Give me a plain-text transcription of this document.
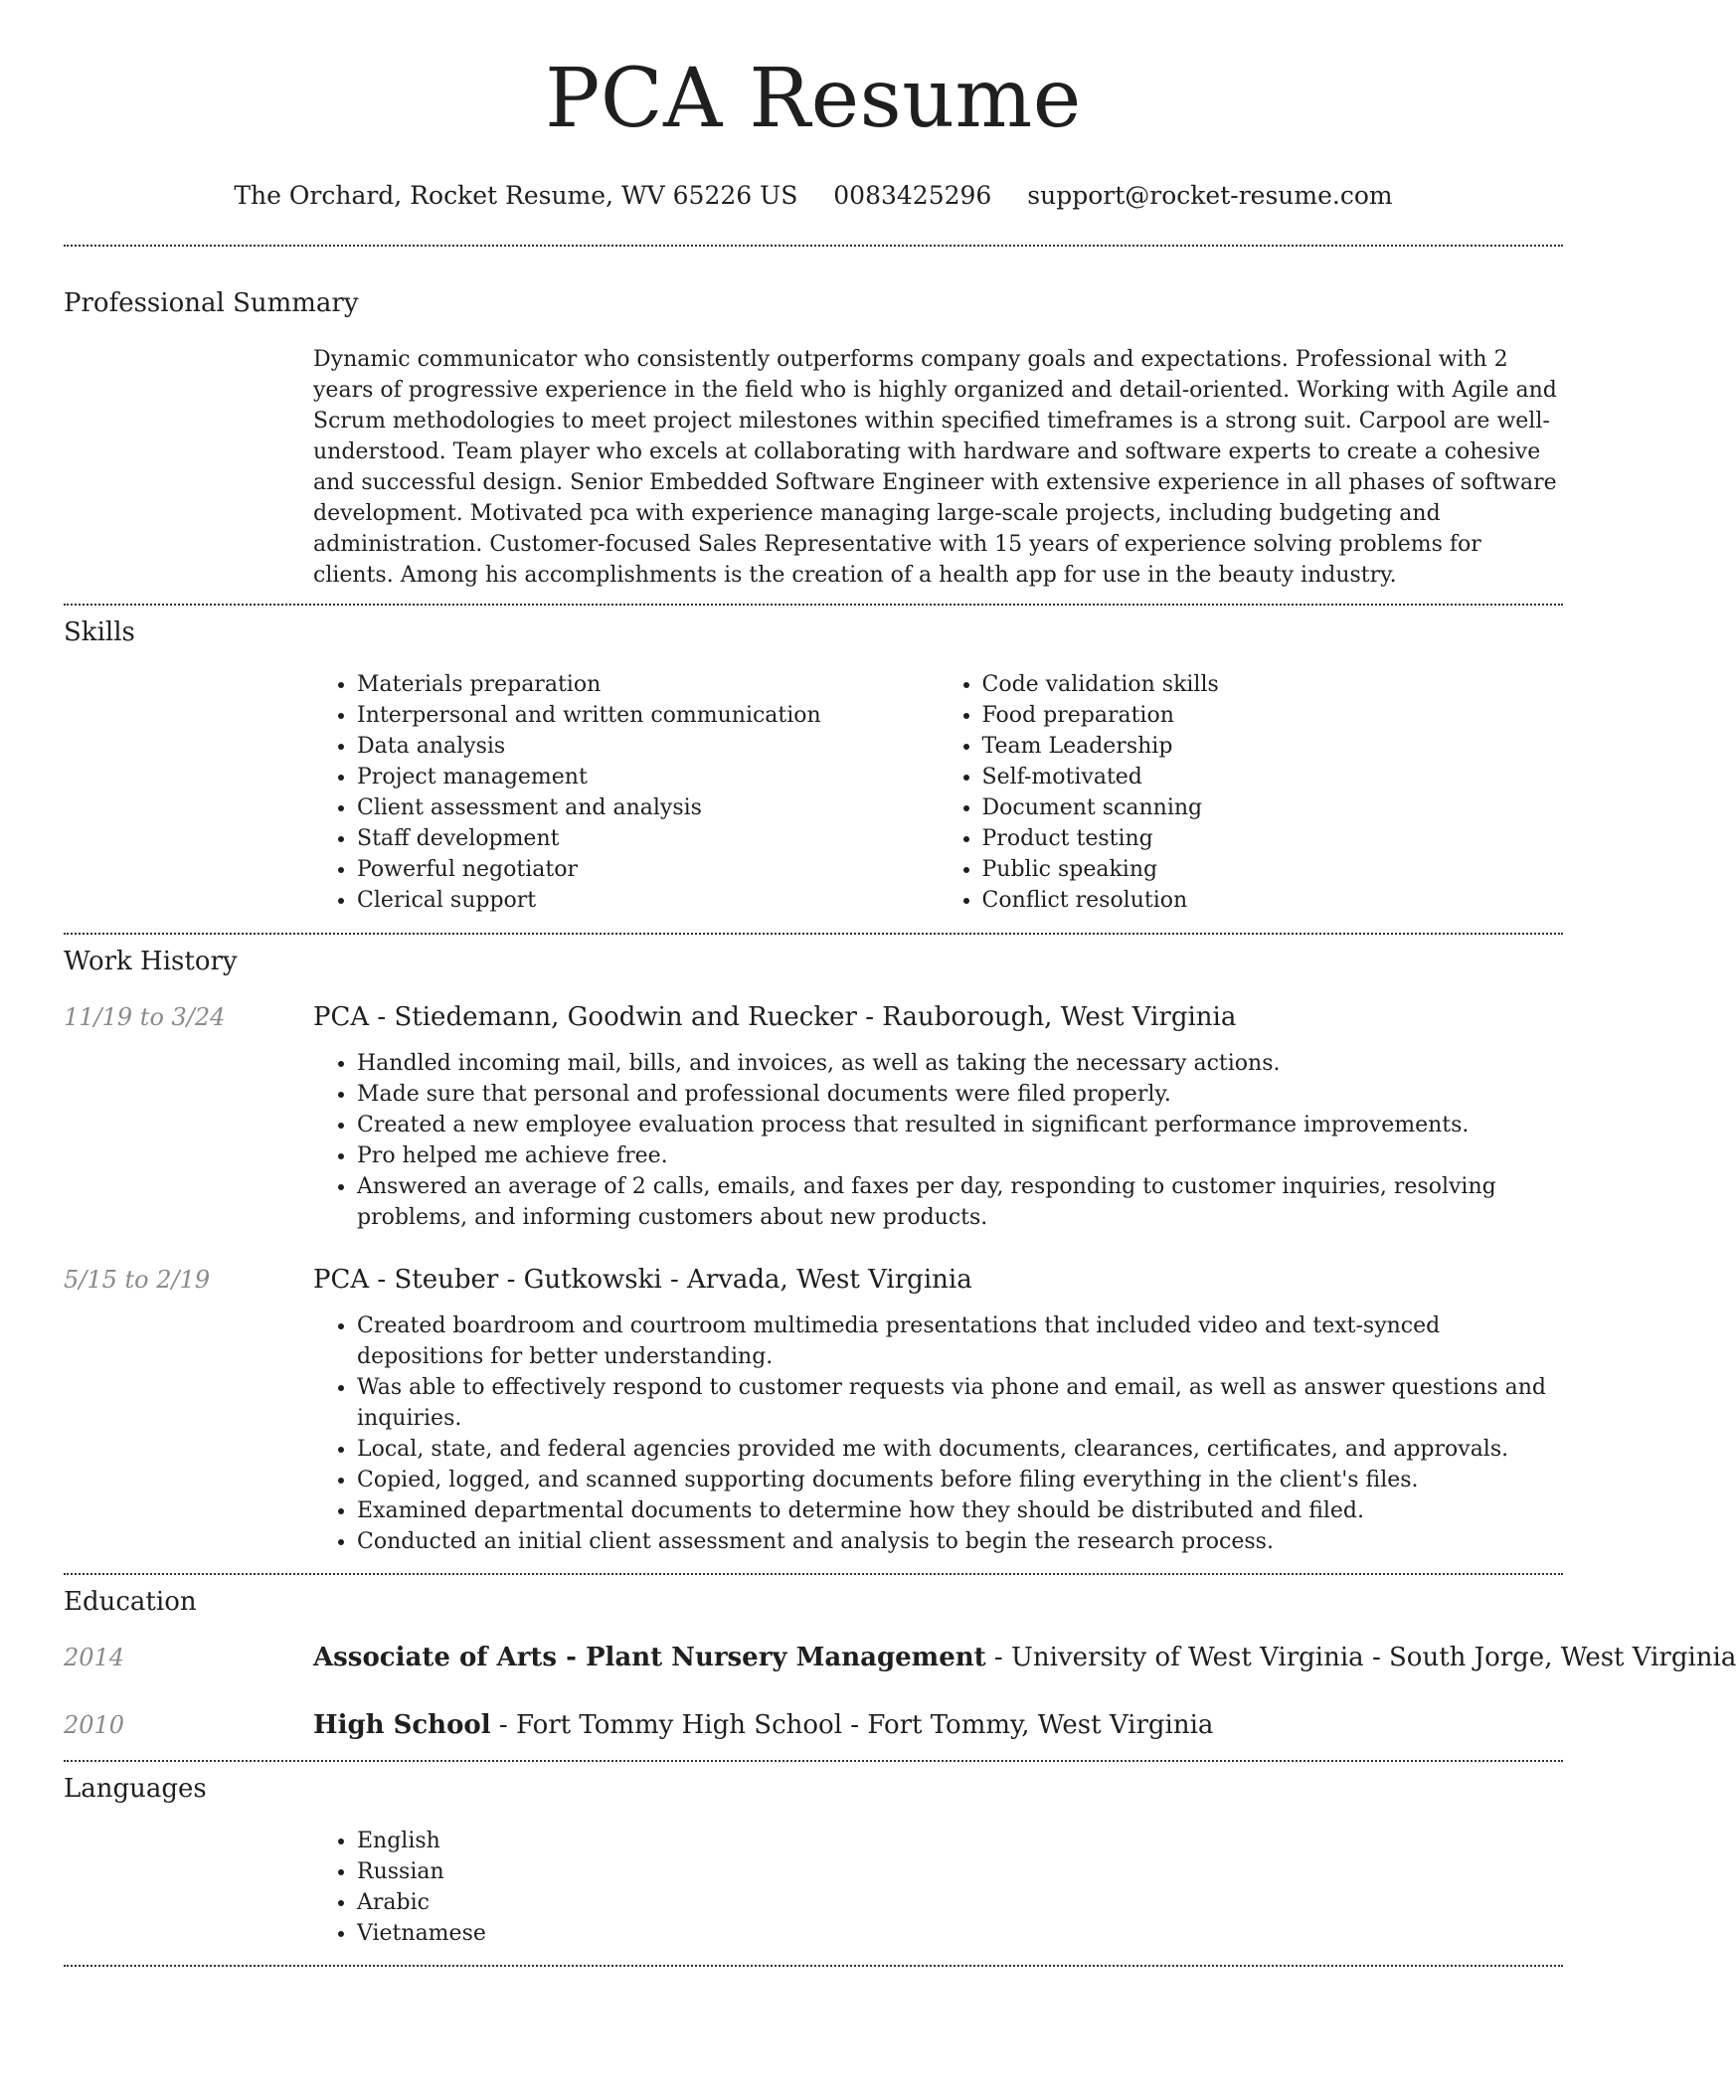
PCA Resume
The Orchard, Rocket Resume, WV 65226 US 0083425296 support@rocket-resume.com
Professional Summary
Dynamic communicator who consistently outperforms company goals and expectations. Professional with 2 years of progressive experience in the field who is highly organized and detail-oriented. Working with Agile and Scrum methodologies to meet project milestones within specified timeframes is a strong suit. Carpool are well-understood. Team player who excels at collaborating with hardware and software experts to create a cohesive and successful design. Senior Embedded Software Engineer with extensive experience in all phases of software development. Motivated pca with experience managing large-scale projects, including budgeting and administration. Customer-focused Sales Representative with 15 years of experience solving problems for clients. Among his accomplishments is the creation of a health app for use in the beauty industry.
Skills
• Materials preparation
• Interpersonal and written communication
• Data analysis
• Project management
• Client assessment and analysis
• Staff development
• Powerful negotiator
• Clerical support
• Code validation skills
• Food preparation
• Team Leadership
• Self-motivated
• Document scanning
• Product testing
• Public speaking
• Conflict resolution
Work History
11/19 to 3/24	PCA - Stiedemann, Goodwin and Ruecker - Rauborough, West Virginia
• Handled incoming mail, bills, and invoices, as well as taking the necessary actions.
• Made sure that personal and professional documents were filed properly.
• Created a new employee evaluation process that resulted in significant performance improvements.
• Pro helped me achieve free.
• Answered an average of 2 calls, emails, and faxes per day, responding to customer inquiries, resolving problems, and informing customers about new products.
5/15 to 2/19	PCA - Steuber - Gutkowski - Arvada, West Virginia
• Created boardroom and courtroom multimedia presentations that included video and text-synced depositions for better understanding.
• Was able to effectively respond to customer requests via phone and email, as well as answer questions and inquiries.
• Local, state, and federal agencies provided me with documents, clearances, certificates, and approvals.
• Copied, logged, and scanned supporting documents before filing everything in the client's files.
• Examined departmental documents to determine how they should be distributed and filed.
• Conducted an initial client assessment and analysis to begin the research process.
Education
2014	Associate of Arts - Plant Nursery Management - University of West Virginia - South Jorge, West Virginia
2010	High School - Fort Tommy High School - Fort Tommy, West Virginia
Languages
• English
• Russian
• Arabic
• Vietnamese
